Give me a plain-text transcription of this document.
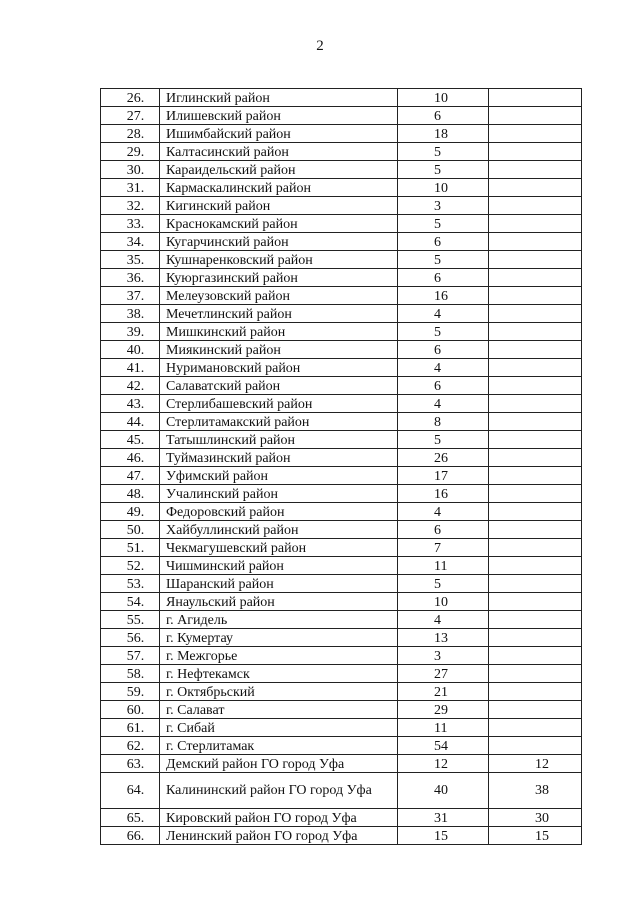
2
26.	Иглинский район	10	
27.	Илишевский район	6	
28.	Ишимбайский район	18	
29.	Калтасинский район	5	
30.	Караидельский район	5	
31.	Кармаскалинский район	10	
32.	Кигинский район	3	
33.	Краснокамский район	5	
34.	Кугарчинский район	6	
35.	Кушнаренковский район	5	
36.	Куюргазинский район	6	
37.	Мелеузовский район	16	
38.	Мечетлинский район	4	
39.	Мишкинский район	5	
40.	Миякинский район	6	
41.	Нуримановский район	4	
42.	Салаватский район	6	
43.	Стерлибашевский район	4	
44.	Стерлитамакский район	8	
45.	Татышлинский район	5	
46.	Туймазинский район	26	
47.	Уфимский район	17	
48.	Учалинский район	16	
49.	Федоровский район	4	
50.	Хайбуллинский район	6	
51.	Чекмагушевский район	7	
52.	Чишминский район	11	
53.	Шаранский район	5	
54.	Янаульский район	10	
55.	г. Агидель	4	
56.	г. Кумертау	13	
57.	г. Межгорье	3	
58.	г. Нефтекамск	27	
59.	г. Октябрьский	21	
60.	г. Салават	29	
61.	г. Сибай	11	
62.	г. Стерлитамак	54	
63.	Демский район ГО город Уфа	12	12
64.	Калининский район ГО город Уфа	40	38
65.	Кировский район ГО город Уфа	31	30
66.	Ленинский район ГО город Уфа	15	15
